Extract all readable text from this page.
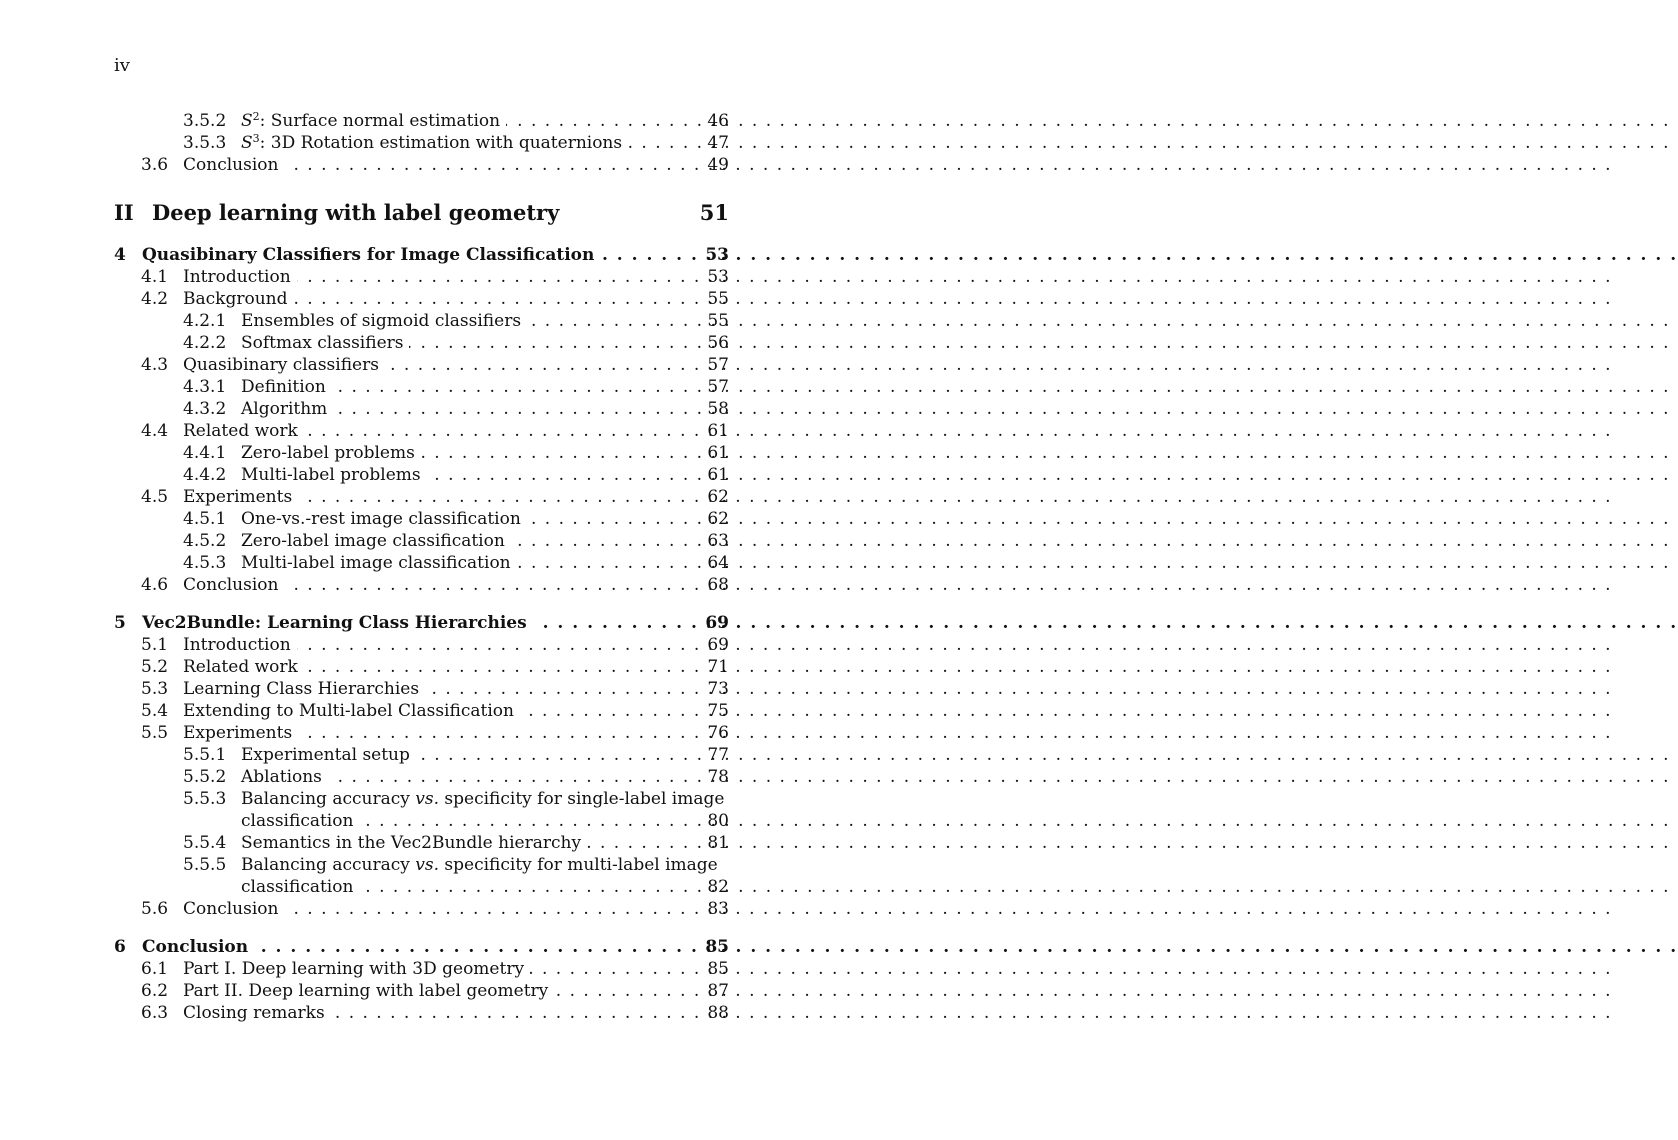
iv
3.5.2 $S^2$: Surface normal estimation . . .	46
3.5.3 $S^3$: 3D Rotation estimation with quaternions . . .	47
3.6 Conclusion . . .	49
II Deep learning with label geometry	51
4 Quasibinary Classifiers for Image Classification . . .	53
4.1 Introduction . . .	53
4.2 Background . . .	55
4.2.1 Ensembles of sigmoid classifiers . . .	55
4.2.2 Softmax classifiers . . .	56
4.3 Quasibinary classifiers . . .	57
4.3.1 Definition . . .	57
4.3.2 Algorithm . . .	58
4.4 Related work . . .	61
4.4.1 Zero-label problems . . .	61
4.4.2 Multi-label problems . . .	61
4.5 Experiments . . .	62
4.5.1 One-vs.-rest image classification . . .	62
4.5.2 Zero-label image classification . . .	63
4.5.3 Multi-label image classification . . .	64
4.6 Conclusion . . .	68
5 Vec2Bundle: Learning Class Hierarchies . . .	69
5.1 Introduction . . .	69
5.2 Related work . . .	71
5.3 Learning Class Hierarchies . . .	73
5.4 Extending to Multi-label Classification . . .	75
5.5 Experiments . . .	76
5.5.1 Experimental setup . . .	77
5.5.2 Ablations . . .	78
5.5.3 Balancing accuracy vs. specificity for single-label image
classification . . .	80
5.5.4 Semantics in the Vec2Bundle hierarchy . . .	81
5.5.5 Balancing accuracy vs. specificity for multi-label image
classification . . .	82
5.6 Conclusion . . .	83
6 Conclusion . . .	85
6.1 Part I. Deep learning with 3D geometry . . .	85
6.2 Part II. Deep learning with label geometry . . .	87
6.3 Closing remarks . . .	88
